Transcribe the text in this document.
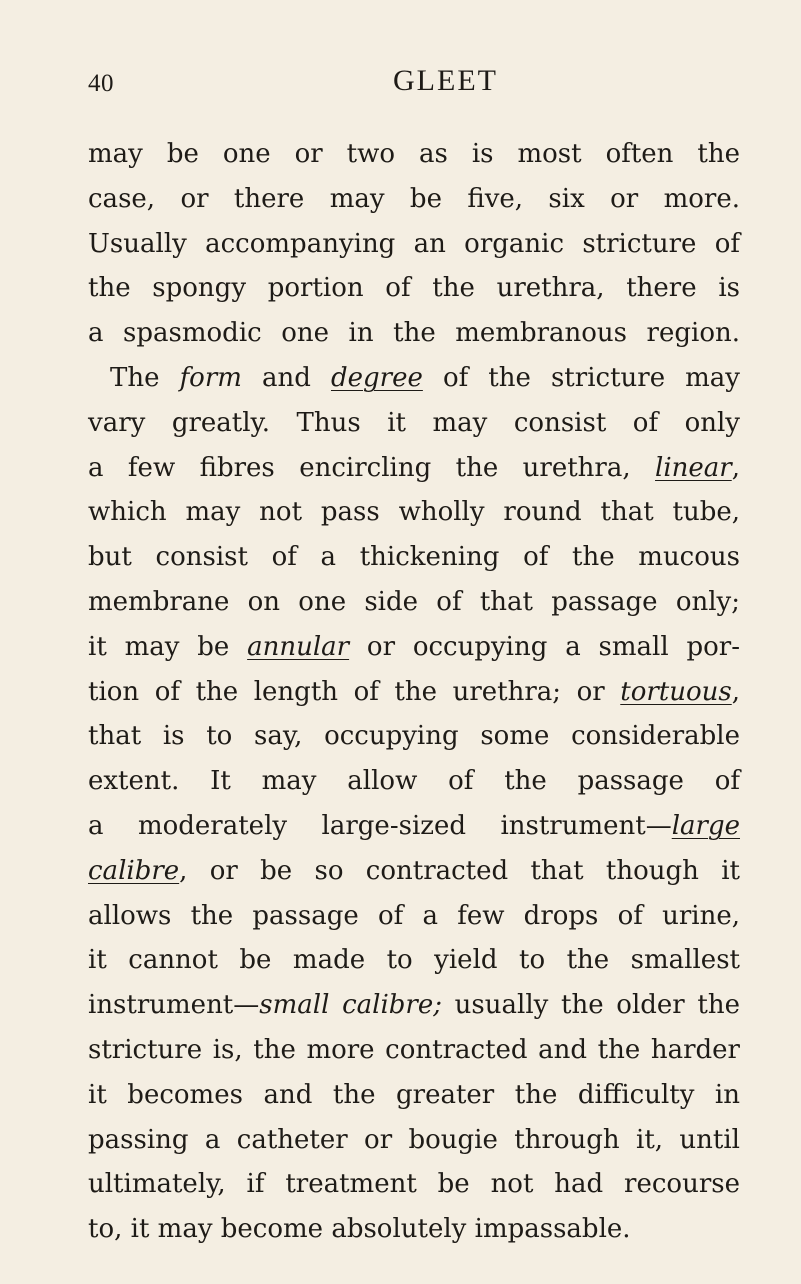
40	GLEET
may be one or two as is most often the
case, or there may be five, six or more.
Usually accompanying an organic stricture of
the spongy portion of the urethra, there is
a spasmodic one in the membranous region.
The form and degree of the stricture may
vary greatly. Thus it may consist of only
a few fibres encircling the urethra, linear,
which may not pass wholly round that tube,
but consist of a thickening of the mucous
membrane on one side of that passage only;
it may be annular or occupying a small por-
tion of the length of the urethra; or tortuous,
that is to say, occupying some considerable
extent. It may allow of the passage of
a moderately large-sized instrument—large
calibre, or be so contracted that though it
allows the passage of a few drops of urine,
it cannot be made to yield to the smallest
instrument—small calibre; usually the older the
stricture is, the more contracted and the harder
it becomes and the greater the difficulty in
passing a catheter or bougie through it, until
ultimately, if treatment be not had recourse
to, it may become absolutely impassable.
